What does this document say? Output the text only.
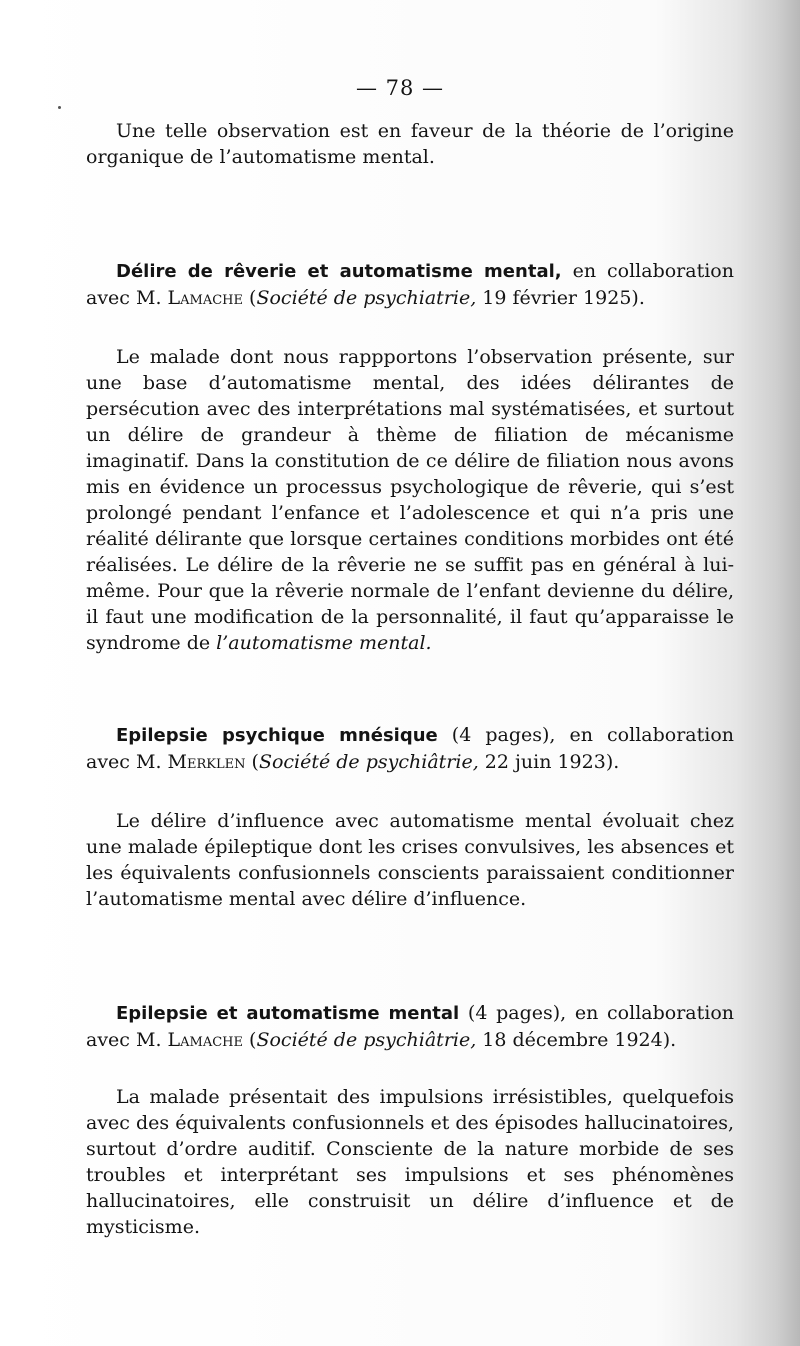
— 78 —

Une telle observation est en faveur de la théorie de l’origine organique de l’automatisme mental.

Délire de rêverie et automatisme mental, en collaboration avec M. Lamache (Société de psychiatrie, 19 février 1925).

Le malade dont nous rappportons l’observation présente, sur une base d’automatisme mental, des idées délirantes de persécution avec des interprétations mal systématisées, et surtout un délire de grandeur à thème de filiation de mécanisme imaginatif. Dans la constitution de ce délire de filiation nous avons mis en évidence un processus psychologique de rêverie, qui s’est prolongé pendant l’enfance et l’adolescence et qui n’a pris une réalité délirante que lorsque certaines conditions morbides ont été réalisées. Le délire de la rêverie ne se suffit pas en général à lui-même. Pour que la rêverie normale de l’enfant devienne du délire, il faut une modification de la personnalité, il faut qu’apparaisse le syndrome de l’automatisme mental.

Epilepsie psychique mnésique (4 pages), en collaboration avec M. Merklen (Société de psychiâtrie, 22 juin 1923).

Le délire d’influence avec automatisme mental évoluait chez une malade épileptique dont les crises convulsives, les absences et les équivalents confusionnels conscients paraissaient conditionner l’automatisme mental avec délire d’influence.

Epilepsie et automatisme mental (4 pages), en collaboration avec M. Lamache (Société de psychiâtrie, 18 décembre 1924).

La malade présentait des impulsions irrésistibles, quelquefois avec des équivalents confusionnels et des épisodes hallucinatoires, surtout d’ordre auditif. Consciente de la nature morbide de ses troubles et interprétant ses impulsions et ses phénomènes hallucinatoires, elle construisit un délire d’influence et de mysticisme.
